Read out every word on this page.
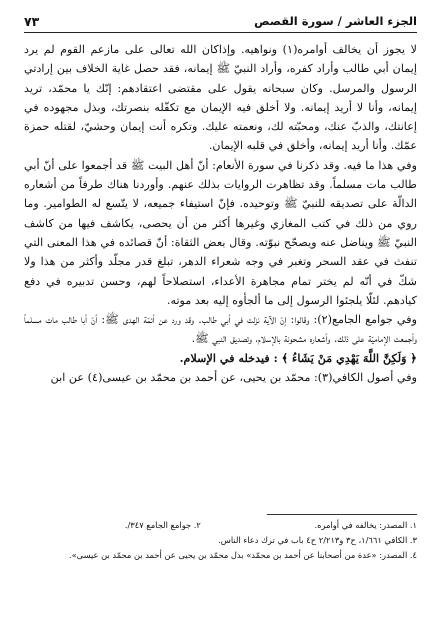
الجزء العاشر / سورة القصص
٧٣

لا يجوز أن يخالف أوامره(١) ونواهيه. وإذاكان الله تعالى على مازعم القوم لم يرد إيمان أبي طالب وأراد كفره، وأراد النبيّ ﷺ إيمانه، فقد حصل غاية الخلاف بين إرادتي الرسول والمرسل. وكان سبحانه يقول على مقتضى اعتقادهم: إنّك يا محمّد، تريد إيمانه، وأنا لا أريد إيمانه. ولا أخلق فيه الإيمان مع تكفّله بنصرتك، وبذل مجهوده في إعانتك، والذبّ عنك، ومحبّته لك، ونعمته عليك. وتكره أنت إيمان وحشيّ، لقتله حمزة عمّك. وأنا أريد إيمانه، وأخلق في قلبه الإيمان.

وفي هذا ما فيه. وقد ذكرنا في سورة الأنعام: أنّ أهل البيت ﷺ قد أجمعوا على أنّ أبي طالب مات مسلماً. وقد تظاهرت الروايات بذلك عنهم. وأوردنا هناك طرفاً من أشعاره الدالّة على تصديقه للنبيّ ﷺ وتوحيده. فإنّ استيفاء جميعه، لا يتّسع له الطوامير. وما روي من ذلك في كتب المغازي وغيرها أكثر من أن يحصى، يكاشف فيها من كاشف النبيّ ﷺ ويناضل عنه ويصحّح نبوّته. وقال بعض الثقاة: أنّ قصائده في هذا المعنى التي تنفث في عقد السحر وتغبر في وجه شعراء الدهر، تبلغ قدر مجلّد وأكثر من هذا ولا شكّ في أنّه لم يختر تمام مجاهرة الأعداء، استصلاحاً لهم، وحسن تدبيره في دفع كيادهم. لئلّا يلجئوا الرسول إلى ما ألجأوه إليه بعد موته.

وفي جوامع الجامع(٢): وقالوا: إنّ الآية نزلت في أبي طالب. وقد ورد عن أئمّة الهدى ﷺ: أنّ أبا طالب مات مسلماً وأجمعت الإماميّة على ذلك. وأشعاره مشحونة بالإسلام، وتصديق النبي ﷺ.

﴿ وَلَكِنَّ اللَّهَ يَهْدِي مَنْ يَشَاءُ ﴾ : فيدخله في الإسلام.

وفي أصول الكافي(٣): محمّد بن يحيى، عن أحمد بن محمّد بن عيسى(٤) عن ابن

١. المصدر: يخالفه في أوامره.
٢. جوامع الجامع ٣٤٧/.
٣. الكافي ١/٦٦١، ح٣ و٢/٢١٣ ح٤ باب في ترك دعاء الناس.
٤. المصدر: «عدة من أصحابنا عن أحمد بن محمّد» بدل محمّد بن يحيى عن أحمد بن محمّد بن عيسى».
